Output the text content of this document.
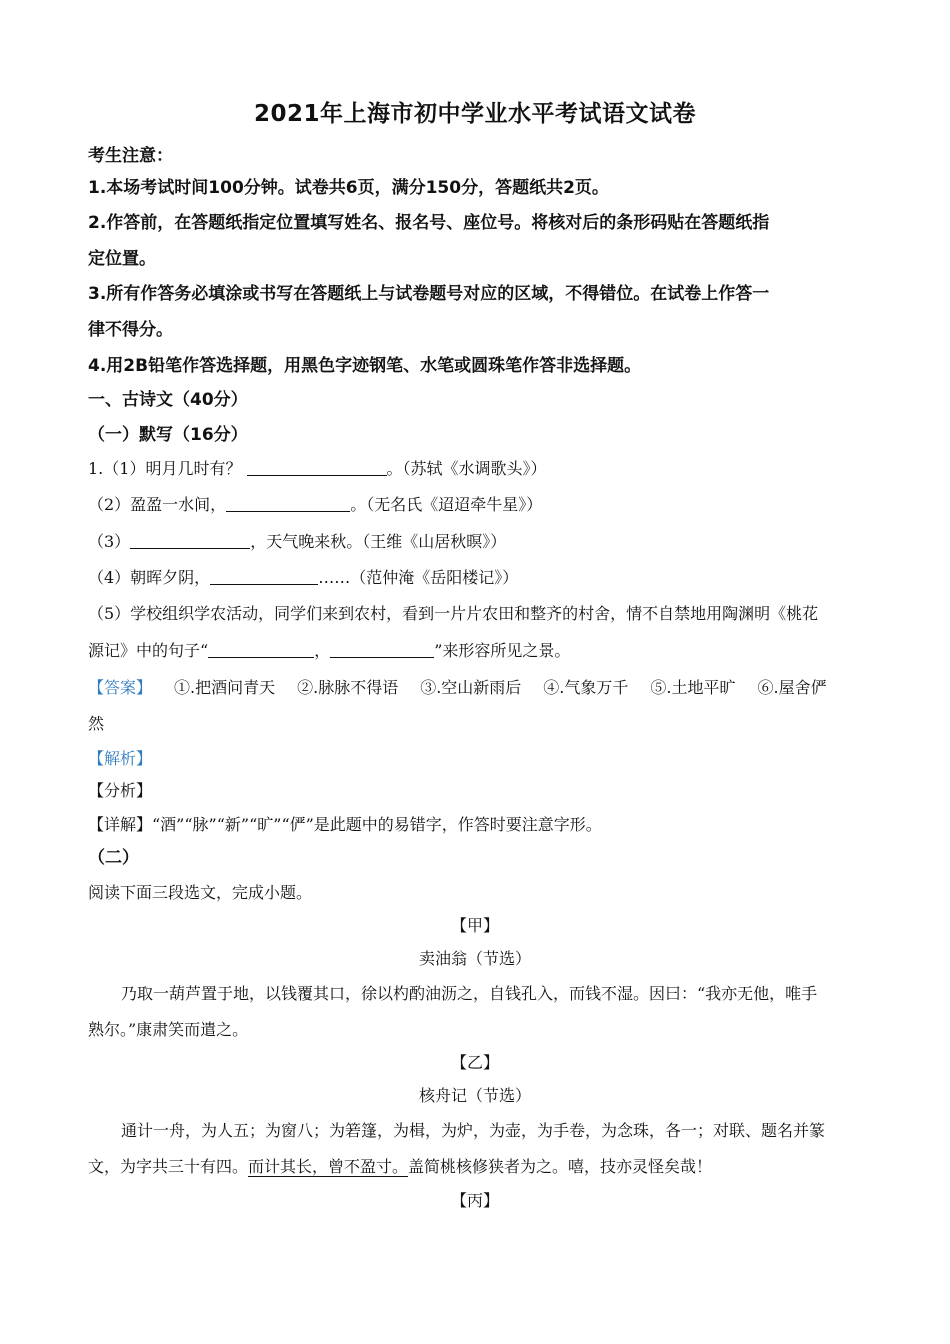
2021年上海市初中学业水平考试语文试卷
考生注意：
1.本场考试时间100分钟。试卷共6页，满分150分，答题纸共2页。
2.作答前，在答题纸指定位置填写姓名、报名号、座位号。将核对后的条形码贴在答题纸指
定位置。
3.所有作答务必填涂或书写在答题纸上与试卷题号对应的区域，不得错位。在试卷上作答一
律不得分。
4.用2B铅笔作答选择题，用黑色字迹钢笔、水笔或圆珠笔作答非选择题。
一、古诗文（40分）
（一）默写（16分）
1.（1）明月几时有？	。（苏轼《水调歌头》）
（2）盈盈一水间，	。（无名氏《迢迢牵牛星》）
（3）	，天气晚来秋。（王维《山居秋暝》）
（4）朝晖夕阴，	……（范仲淹《岳阳楼记》）
（5）学校组织学农活动，同学们来到农村，看到一片片农田和整齐的村舍，情不自禁地用陶渊明《桃花
源记》中的句子“	，	”来形容所见之景。
【答案】 ①.把酒问青天 ②.脉脉不得语 ③.空山新雨后 ④.气象万千 ⑤.土地平旷 ⑥.屋舍俨
然
【解析】
【分析】
【详解】“酒”“脉”“新”“旷”“俨”是此题中的易错字，作答时要注意字形。
（二）
阅读下面三段选文，完成小题。
【甲】
卖油翁（节选）
乃取一葫芦置于地，以钱覆其口，徐以杓酌油沥之，自钱孔入，而钱不湿。因曰：“我亦无他，唯手
熟尔。”康肃笑而遣之。
【乙】
核舟记（节选）
通计一舟，为人五；为窗八；为箬篷，为楫，为炉，为壶，为手卷，为念珠，各一；对联、题名并篆
文，为字共三十有四。而计其长，曾不盈寸。盖简桃核修狭者为之。嘻，技亦灵怪矣哉！
【丙】
